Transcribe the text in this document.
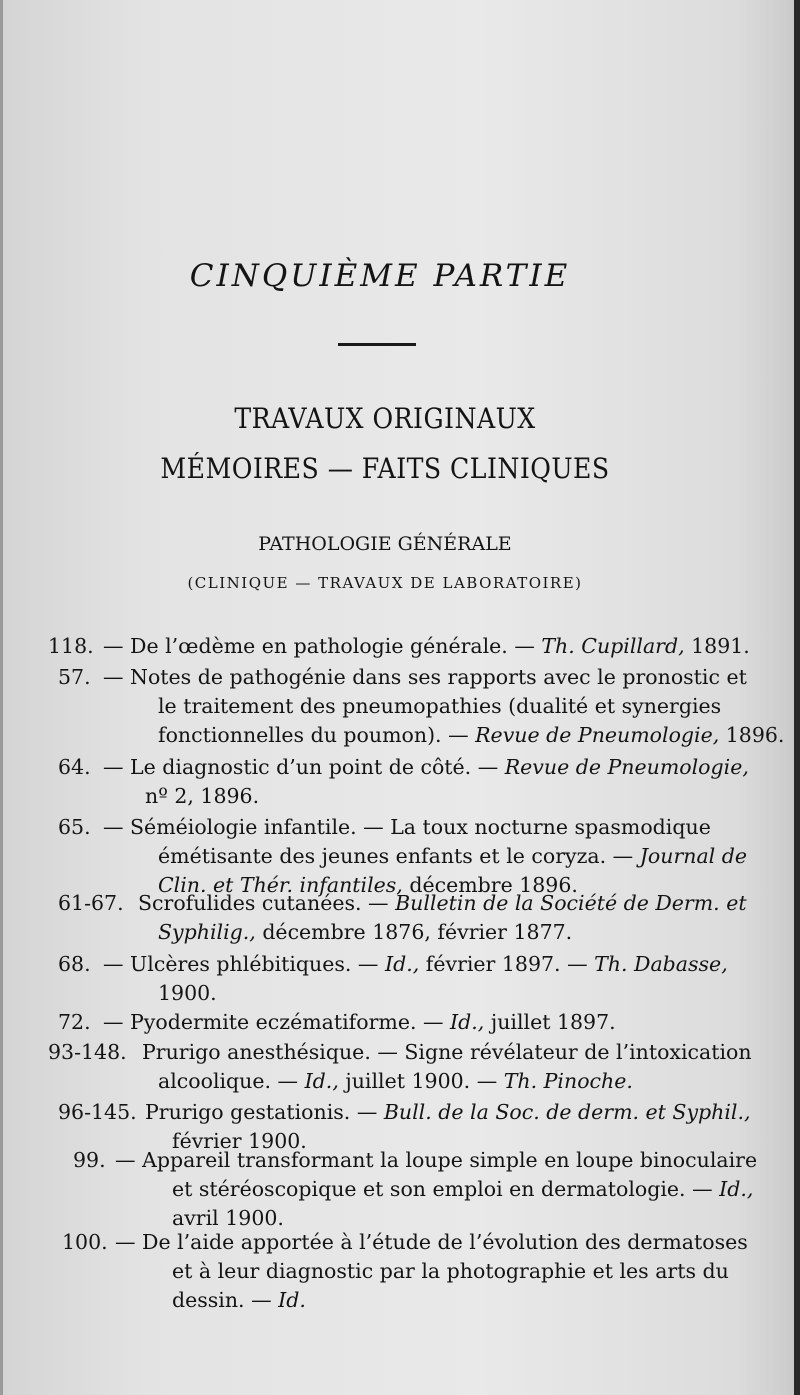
CINQUIÈME PARTIE
TRAVAUX ORIGINAUX
MÉMOIRES — FAITS CLINIQUES
PATHOLOGIE GÉNÉRALE
(CLINIQUE — TRAVAUX DE LABORATOIRE)
118. — De l’œdème en pathologie générale. — Th. Cupillard, 1891.
57. — Notes de pathogénie dans ses rapports avec le pronostic et
le traitement des pneumopathies (dualité et synergies
fonctionnelles du poumon). — Revue de Pneumologie, 1896.
64. — Le diagnostic d’un point de côté. — Revue de Pneumologie,
nº 2, 1896.
65. — Séméiologie infantile. — La toux nocturne spasmodique
émétisante des jeunes enfants et le coryza. — Journal de
Clin. et Thér. infantiles, décembre 1896.
61-67. Scrofulides cutanées. — Bulletin de la Société de Derm. et
Syphilig., décembre 1876, février 1877.
68. — Ulcères phlébitiques. — Id., février 1897. — Th. Dabasse,
1900.
72. — Pyodermite eczématiforme. — Id., juillet 1897.
93-148. Prurigo anesthésique. — Signe révélateur de l’intoxication
alcoolique. — Id., juillet 1900. — Th. Pinoche.
96-145. Prurigo gestationis. — Bull. de la Soc. de derm. et Syphil.,
février 1900.
99. — Appareil transformant la loupe simple en loupe binoculaire
et stéréoscopique et son emploi en dermatologie. — Id.,
avril 1900.
100. — De l’aide apportée à l’étude de l’évolution des dermatoses
et à leur diagnostic par la photographie et les arts du
dessin. — Id.
